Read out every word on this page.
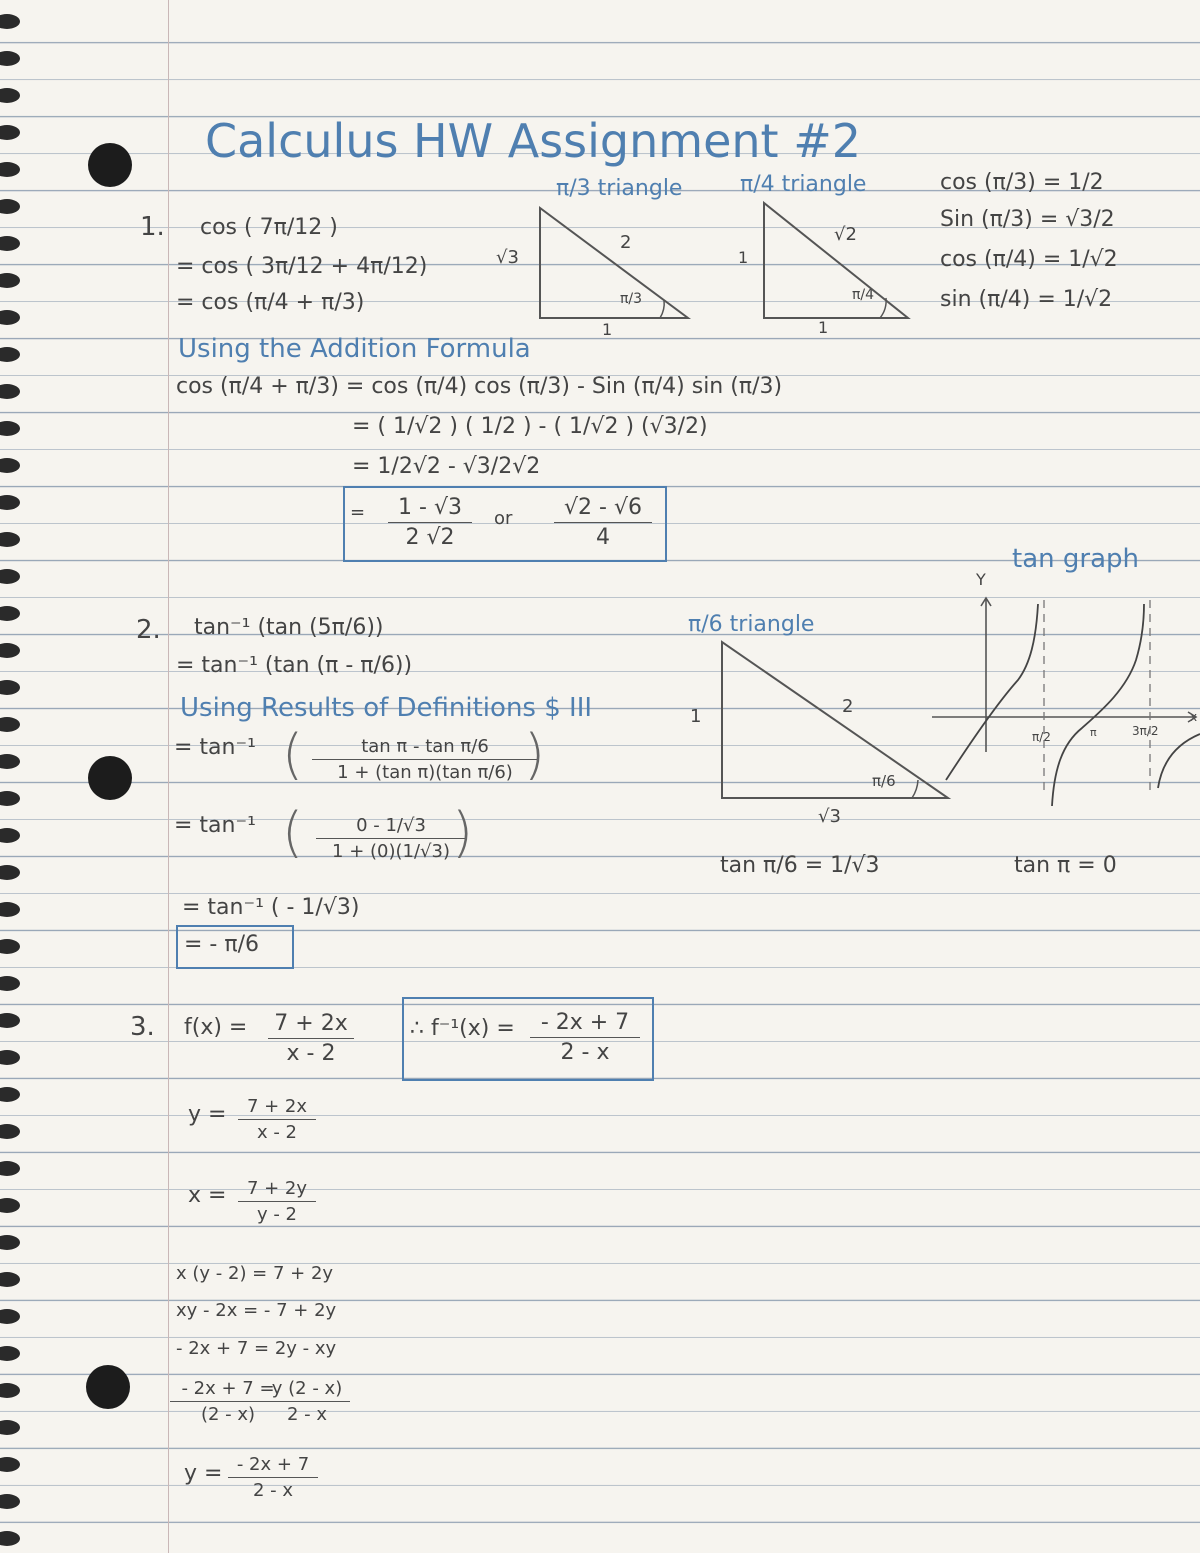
Calculus HW Assignment #2
1. cos ( 7π/12 )
= cos ( 3π/12 + 4π/12)
= cos (π/4 + π/3)
Using the Addition Formula
cos (π/4 + π/3) = cos (π/4) cos (π/3) - Sin (π/4) sin (π/3)
= ( 1/√2 ) ( 1/2 ) - ( 1/√2 ) (√3/2)
= 1/2√2 - √3/2√2
= $\frac{1 - √3}{2 √2}$ or $\frac{√2 - √6}{4}$
π/3 triangle
√3
2
π/3
1
π/4 triangle
1
√2
π/4
1
cos (π/3) = 1/2
Sin (π/3) = √3/2
cos (π/4) = 1/√2
sin (π/4) = 1/√2
2. tan⁻¹ (tan (5π/6))
= tan⁻¹ (tan (π - π/6))
Using Results of Definitions $ III
= tan⁻¹ ( $\frac{\text{tan π - tan π/6}}{\text{1 + (tan π)(tan π/6)}}$
)
= tan⁻¹ ( $\frac{0 - 1/√3}{1 + (0)(1/√3)}$
)
= tan⁻¹ ( - 1/√3)
= - π/6
π/6 triangle
1	2
π/6
√3
tan π/6 = 1/√3
tan graph
Y
x
π/2	π	3π/2
tan π = 0
3. $f(x) = \frac{7 + 2x}{x - 2}$	∴ $f^{-1}(x) = \frac{- 2x + 7}{2 - x}$
$y = \frac{7 + 2x}{x - 2}$
$x = \frac{7 + 2y}{y - 2}$
x (y - 2) = 7 + 2y
xy - 2x = - 7 + 2y
- 2x + 7 = 2y - xy
$\frac{- 2x + 7 =}{(2 - x)}$
$\frac{y (2 - x)}{2 - x}$
$y = \frac{- 2x + 7}{2 - x}$
